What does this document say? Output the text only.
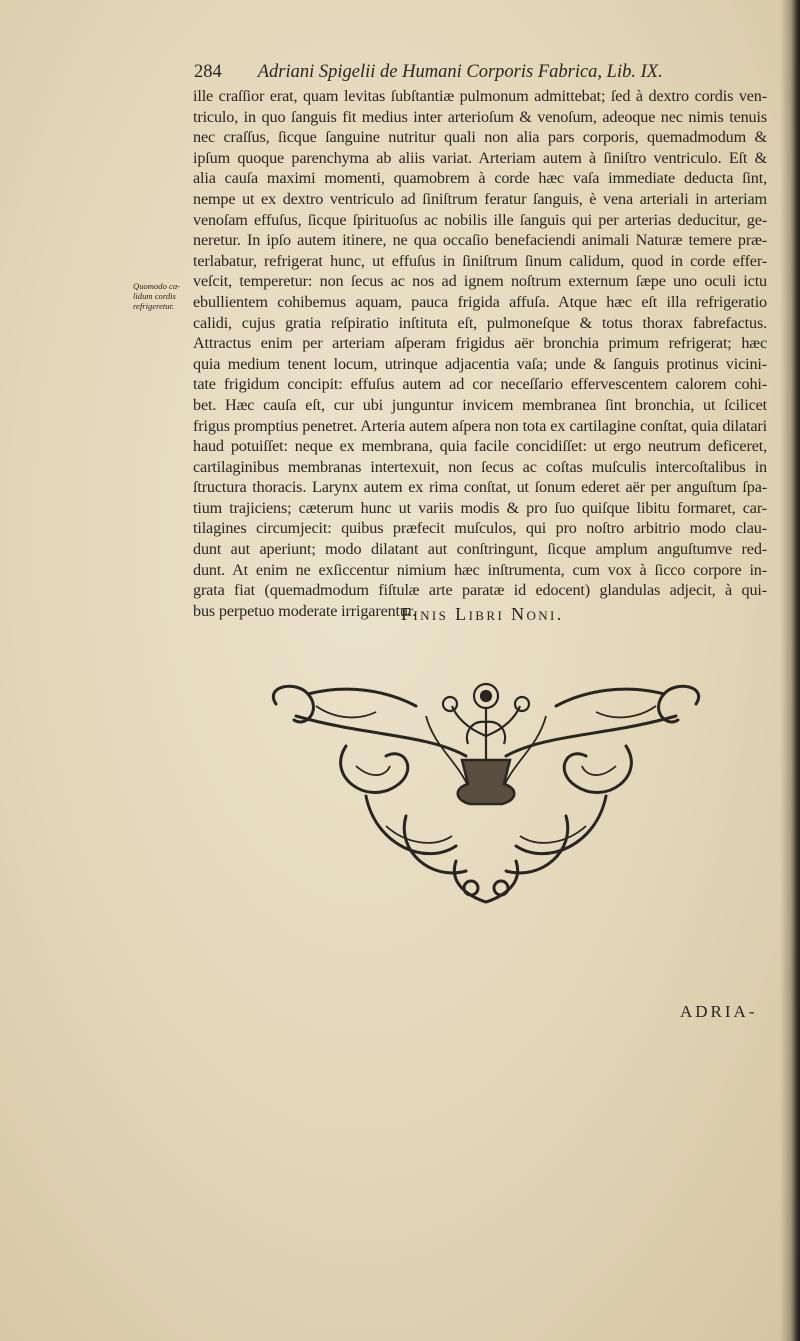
284 Adriani Spigelii de Humani Corporis Fabrica, Lib. IX.
Quomodo ca-
lidum cordis
refrigeretur.
ille craſſior erat, quam levitas ſubſtantiæ pulmonum admittebat; ſed à dextro cordis ven-
triculo, in quo ſanguis fit medius inter arterioſum & venoſum, adeoque nec nimis tenuis
nec craſſus, ſicque ſanguine nutritur quali non alia pars corporis, quemadmodum &
ipſum quoque parenchyma ab aliis variat. Arteriam autem à ſiniſtro ventriculo. Eſt &
alia cauſa maximi momenti, quamobrem à corde hæc vaſa immediate deducta ſint,
nempe ut ex dextro ventriculo ad ſiniſtrum feratur ſanguis, è vena arteriali in arteriam
venoſam effuſus, ſicque ſpirituoſus ac nobilis ille ſanguis qui per arterias deducitur, ge-
neretur. In ipſo autem itinere, ne qua occaſio benefaciendi animali Naturæ temere præ-
terlabatur, refrigerat hunc, ut effuſus in ſiniſtrum ſinum calidum, quod in corde effer-
veſcit, temperetur: non ſecus ac nos ad ignem noſtrum externum ſæpe uno oculi ictu
ebullientem cohibemus aquam, pauca frigida affuſa. Atque hæc eſt illa refrigeratio
calidi, cujus gratia reſpiratio inſtituta eſt, pulmoneſque & totus thorax fabrefactus.
Attractus enim per arteriam aſperam frigidus aër bronchia primum refrigerat; hæc
quia medium tenent locum, utrinque adjacentia vaſa; unde & ſanguis protinus vicini-
tate frigidum concipit: effuſus autem ad cor neceſſario effervescentem calorem cohi-
bet. Hæc cauſa eſt, cur ubi junguntur invicem membranea ſint bronchia, ut ſcilicet
frigus promptius penetret. Arteria autem aſpera non tota ex cartilagine conſtat, quia dilatari
haud potuiſſet: neque ex membrana, quia facile concidiſſet: ut ergo neutrum deficeret,
cartilaginibus membranas intertexuit, non ſecus ac coſtas muſculis intercoſtalibus in
ſtructura thoracis. Larynx autem ex rima conſtat, ut ſonum ederet aër per anguſtum ſpa-
tium trajiciens; cæterum hunc ut variis modis & pro ſuo quiſque libitu formaret, car-
tilagines circumjecit: quibus præfecit muſculos, qui pro noſtro arbitrio modo clau-
dunt aut aperiunt; modo dilatant aut conſtringunt, ſicque amplum anguſtumve red-
dunt. At enim ne exſiccentur nimium hæc inſtrumenta, cum vox à ſicco corpore in-
grata fiat (quemadmodum fiſtulæ arte paratæ id edocent) glandulas adjecit, à qui-
bus perpetuo moderate irrigarentur.
Finis Libri Noni.
ADRIA-
